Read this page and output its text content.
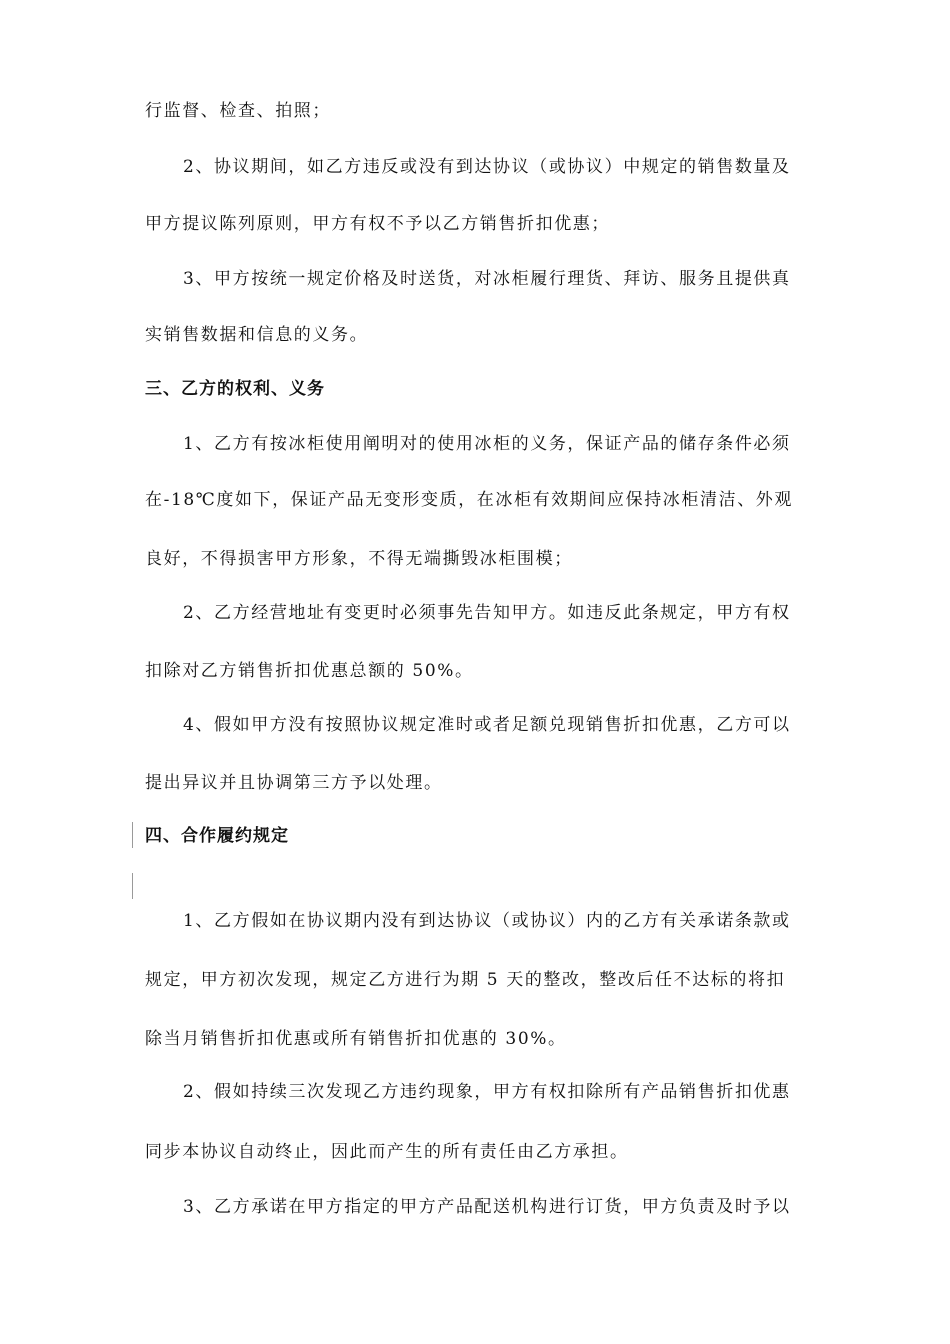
行监督、检查、拍照；
2、协议期间，如乙方违反或没有到达协议（或协议）中规定的销售数量及
甲方提议陈列原则，甲方有权不予以乙方销售折扣优惠；
3、甲方按统一规定价格及时送货，对冰柜履行理货、拜访、服务且提供真
实销售数据和信息的义务。
三、乙方的权利、义务
1、乙方有按冰柜使用阐明对的使用冰柜的义务，保证产品的储存条件必须
在-18℃度如下，保证产品无变形变质，在冰柜有效期间应保持冰柜清洁、外观
良好，不得损害甲方形象，不得无端撕毁冰柜围模；
2、乙方经营地址有变更时必须事先告知甲方。如违反此条规定，甲方有权
扣除对乙方销售折扣优惠总额的 50%。
4、假如甲方没有按照协议规定准时或者足额兑现销售折扣优惠，乙方可以
提出异议并且协调第三方予以处理。
四、合作履约规定
1、乙方假如在协议期内没有到达协议（或协议）内的乙方有关承诺条款或
规定，甲方初次发现，规定乙方进行为期 5 天的整改，整改后任不达标的将扣
除当月销售折扣优惠或所有销售折扣优惠的 30%。
2、假如持续三次发现乙方违约现象，甲方有权扣除所有产品销售折扣优惠
同步本协议自动终止，因此而产生的所有责任由乙方承担。
3、乙方承诺在甲方指定的甲方产品配送机构进行订货，甲方负责及时予以
